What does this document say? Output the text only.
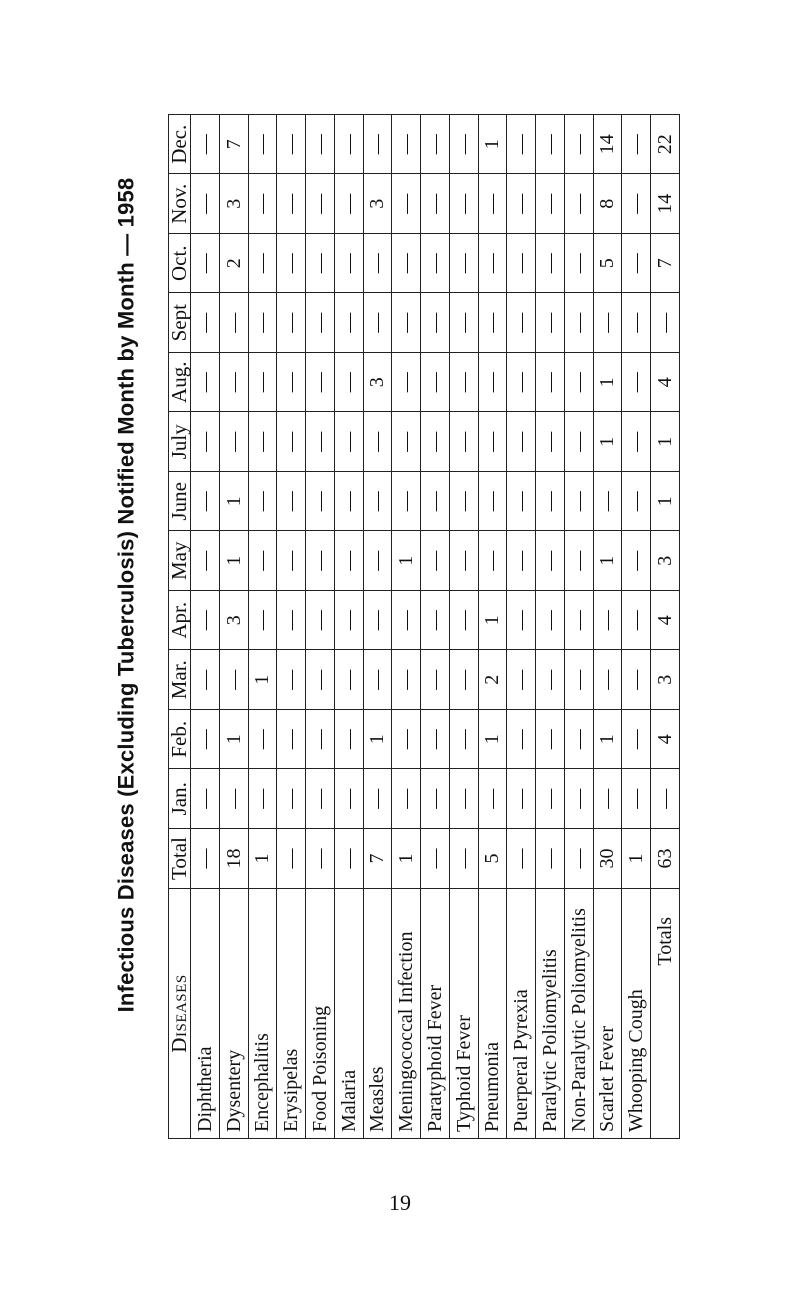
Infectious Diseases (Excluding Tuberculosis) Notified Month by Month — 1958
Diseases	Total	Jan.	Feb.	Mar.	Apr.	May	June	July	Aug.	Sept	Oct.	Nov.	Dec.
Diphtheria	—	—	—	—	—	—	—	—	—	—	—	—	—
Dysentery	18	—	1	—	3	1	1	—	—	—	2	3	7
Encephalitis	1	—	—	1	—	—	—	—	—	—	—	—	—
Erysipelas	—	—	—	—	—	—	—	—	—	—	—	—	—
Food Poisoning	—	—	—	—	—	—	—	—	—	—	—	—	—
Malaria	—	—	—	—	—	—	—	—	—	—	—	—	—
Measles	7	—	1	—	—	—	—	—	3	—	—	3	—
Meningococcal Infection	1	—	—	—	—	1	—	—	—	—	—	—	—
Paratyphoid Fever	—	—	—	—	—	—	—	—	—	—	—	—	—
Typhoid Fever	—	—	—	—	—	—	—	—	—	—	—	—	—
Pneumonia	5	—	1	2	1	—	—	—	—	—	—	—	1
Puerperal Pyrexia	—	—	—	—	—	—	—	—	—	—	—	—	—
Paralytic Poliomyelitis	—	—	—	—	—	—	—	—	—	—	—	—	—
Non-Paralytic Poliomyelitis	—	—	—	—	—	—	—	—	—	—	—	—	—
Scarlet Fever	30	—	1	—	—	1	—	1	1	—	5	8	14
Whooping Cough	1	—	—	—	—	—	—	—	—	—	—	—	—
Totals	63	—	4	3	4	3	1	1	4	—	7	14	22
19
